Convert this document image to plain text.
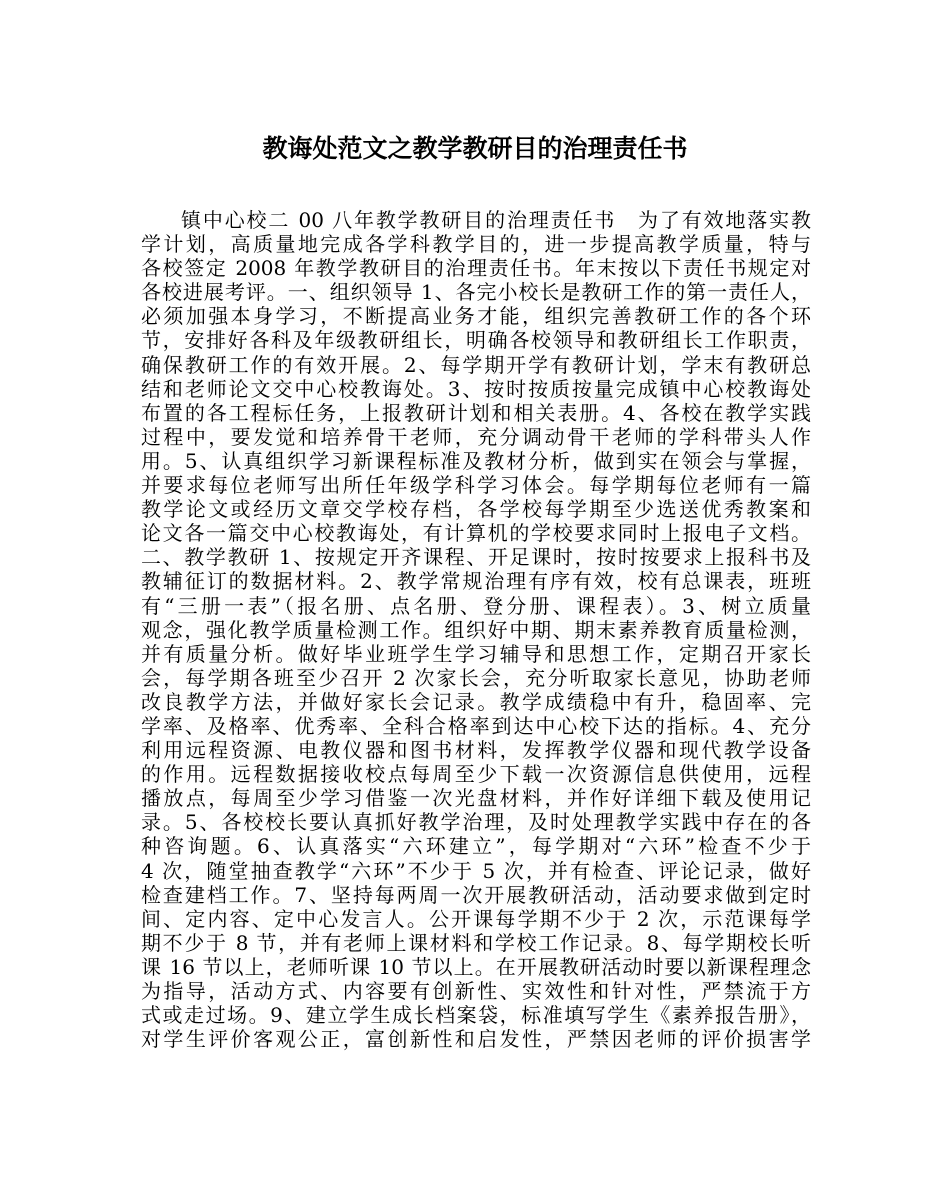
教诲处范文之教学教研目的治理责任书
镇中心校二 00 八年教学教研目的治理责任书　为了有效地落实教
学计划，高质量地完成各学科教学目的，进一步提高教学质量，特与
各校签定 2008 年教学教研目的治理责任书。年末按以下责任书规定对
各校进展考评。一、组织领导 1、各完小校长是教研工作的第一责任人，
必须加强本身学习，不断提高业务才能，组织完善教研工作的各个环
节，安排好各科及年级教研组长，明确各校领导和教研组长工作职责，
确保教研工作的有效开展。2、每学期开学有教研计划，学末有教研总
结和老师论文交中心校教诲处。3、按时按质按量完成镇中心校教诲处
布置的各工程标任务，上报教研计划和相关表册。4、各校在教学实践
过程中，要发觉和培养骨干老师，充分调动骨干老师的学科带头人作
用。5、认真组织学习新课程标准及教材分析，做到实在领会与掌握，
并要求每位老师写出所任年级学科学习体会。每学期每位老师有一篇
教学论文或经历文章交学校存档，各学校每学期至少选送优秀教案和
论文各一篇交中心校教诲处，有计算机的学校要求同时上报电子文档。
二、教学教研 1、按规定开齐课程、开足课时，按时按要求上报科书及
教辅征订的数据材料。2、教学常规治理有序有效，校有总课表，班班
有“三册一表”（报名册、点名册、登分册、课程表）。3、树立质量
观念，强化教学质量检测工作。组织好中期、期末素养教育质量检测，
并有质量分析。做好毕业班学生学习辅导和思想工作，定期召开家长
会，每学期各班至少召开 2 次家长会，充分听取家长意见，协助老师
改良教学方法，并做好家长会记录。教学成绩稳中有升，稳固率、完
学率、及格率、优秀率、全科合格率到达中心校下达的指标。4、充分
利用远程资源、电教仪器和图书材料，发挥教学仪器和现代教学设备
的作用。远程数据接收校点每周至少下载一次资源信息供使用，远程
播放点，每周至少学习借鉴一次光盘材料，并作好详细下载及使用记
录。5、各校校长要认真抓好教学治理，及时处理教学实践中存在的各
种咨询题。6、认真落实“六环建立”，每学期对“六环”检查不少于
4 次，随堂抽查教学“六环”不少于 5 次，并有检查、评论记录，做好
检查建档工作。7、坚持每两周一次开展教研活动，活动要求做到定时
间、定内容、定中心发言人。公开课每学期不少于 2 次，示范课每学
期不少于 8 节，并有老师上课材料和学校工作记录。8、每学期校长听
课 16 节以上，老师听课 10 节以上。在开展教研活动时要以新课程理念
为指导，活动方式、内容要有创新性、实效性和针对性，严禁流于方
式或走过场。9、建立学生成长档案袋，标准填写学生《素养报告册》，
对学生评价客观公正，富创新性和启发性，严禁因老师的评价损害学
